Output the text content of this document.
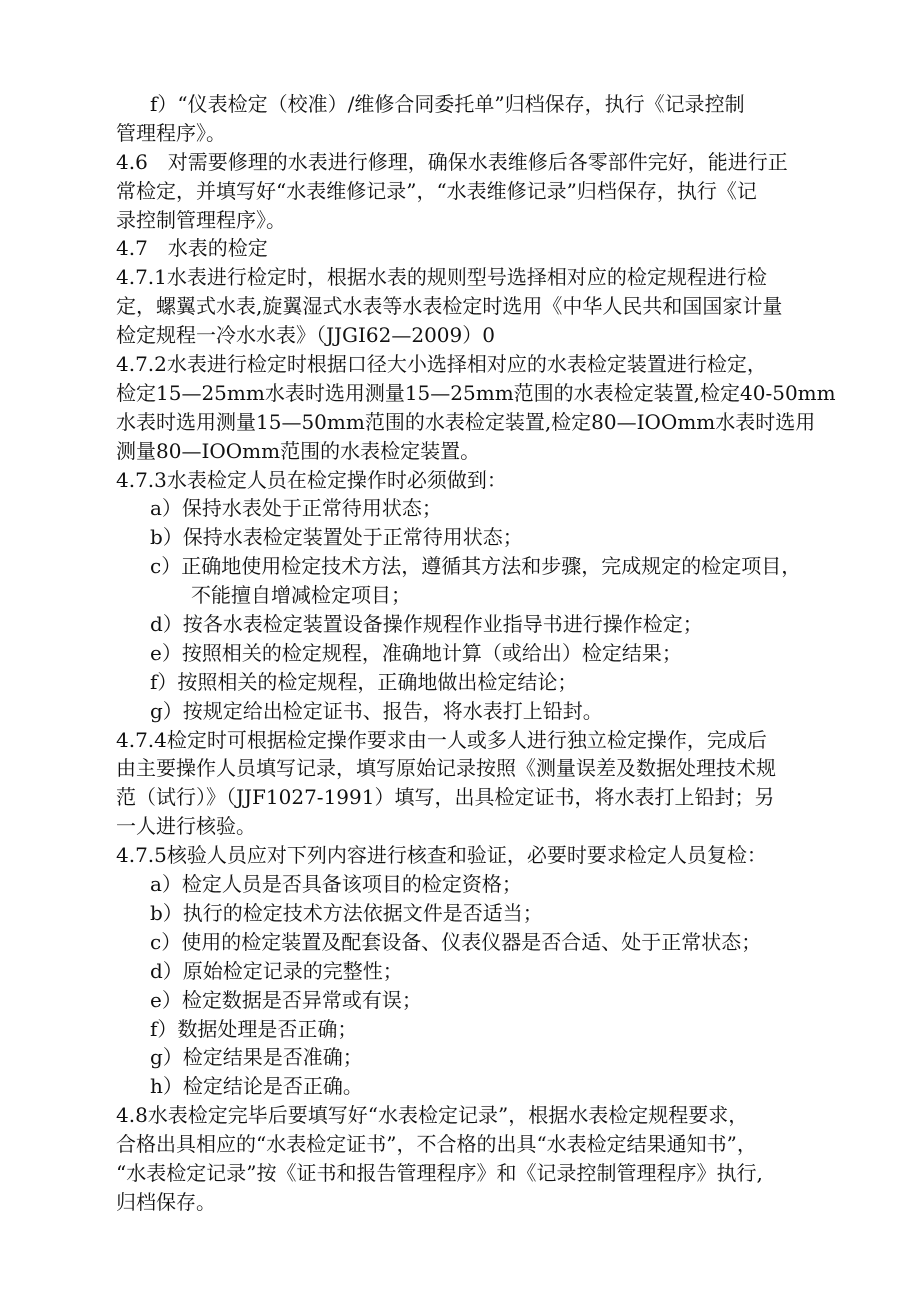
f）“仪表检定（校准）/维修合同委托单”归档保存，执行《记录控制
管理程序》。
4.6　对需要修理的水表进行修理，确保水表维修后各零部件完好，能进行正
常检定，并填写好“水表维修记录”，“水表维修记录”归档保存，执行《记
录控制管理程序》。
4.7　水表的检定
4.7.1水表进行检定时，根据水表的规则型号选择相对应的检定规程进行检
定，螺翼式水表,旋翼湿式水表等水表检定时选用《中华人民共和国国家计量
检定规程一冷水水表》（JJGI62—2009）0
4.7.2水表进行检定时根据口径大小选择相对应的水表检定装置进行检定，
检定15—25mm水表时选用测量15—25mm范围的水表检定装置,检定40-50mm
水表时选用测量15—50mm范围的水表检定装置,检定80—IOOmm水表时选用
测量80—IOOmm范围的水表检定装置。
4.7.3水表检定人员在检定操作时必须做到：
a）保持水表处于正常待用状态；
b）保持水表检定装置处于正常待用状态；
c）正确地使用检定技术方法，遵循其方法和步骤，完成规定的检定项目，
不能擅自增减检定项目；
d）按各水表检定装置设备操作规程作业指导书进行操作检定；
e）按照相关的检定规程，准确地计算（或给出）检定结果；
f）按照相关的检定规程，正确地做出检定结论；
g）按规定给出检定证书、报告，将水表打上铅封。
4.7.4检定时可根据检定操作要求由一人或多人进行独立检定操作，完成后
由主要操作人员填写记录，填写原始记录按照《测量误差及数据处理技术规
范（试行）》（JJF1027-1991）填写，出具检定证书，将水表打上铅封；另
一人进行核验。
4.7.5核验人员应对下列内容进行核查和验证，必要时要求检定人员复检：
a）检定人员是否具备该项目的检定资格；
b）执行的检定技术方法依据文件是否适当；
c）使用的检定装置及配套设备、仪表仪器是否合适、处于正常状态；
d）原始检定记录的完整性；
e）检定数据是否异常或有误；
f）数据处理是否正确；
g）检定结果是否准确；
h）检定结论是否正确。
4.8水表检定完毕后要填写好“水表检定记录”，根据水表检定规程要求，
合格出具相应的“水表检定证书”，不合格的出具“水表检定结果通知书”，
“水表检定记录”按《证书和报告管理程序》和《记录控制管理程序》执行,
归档保存。
